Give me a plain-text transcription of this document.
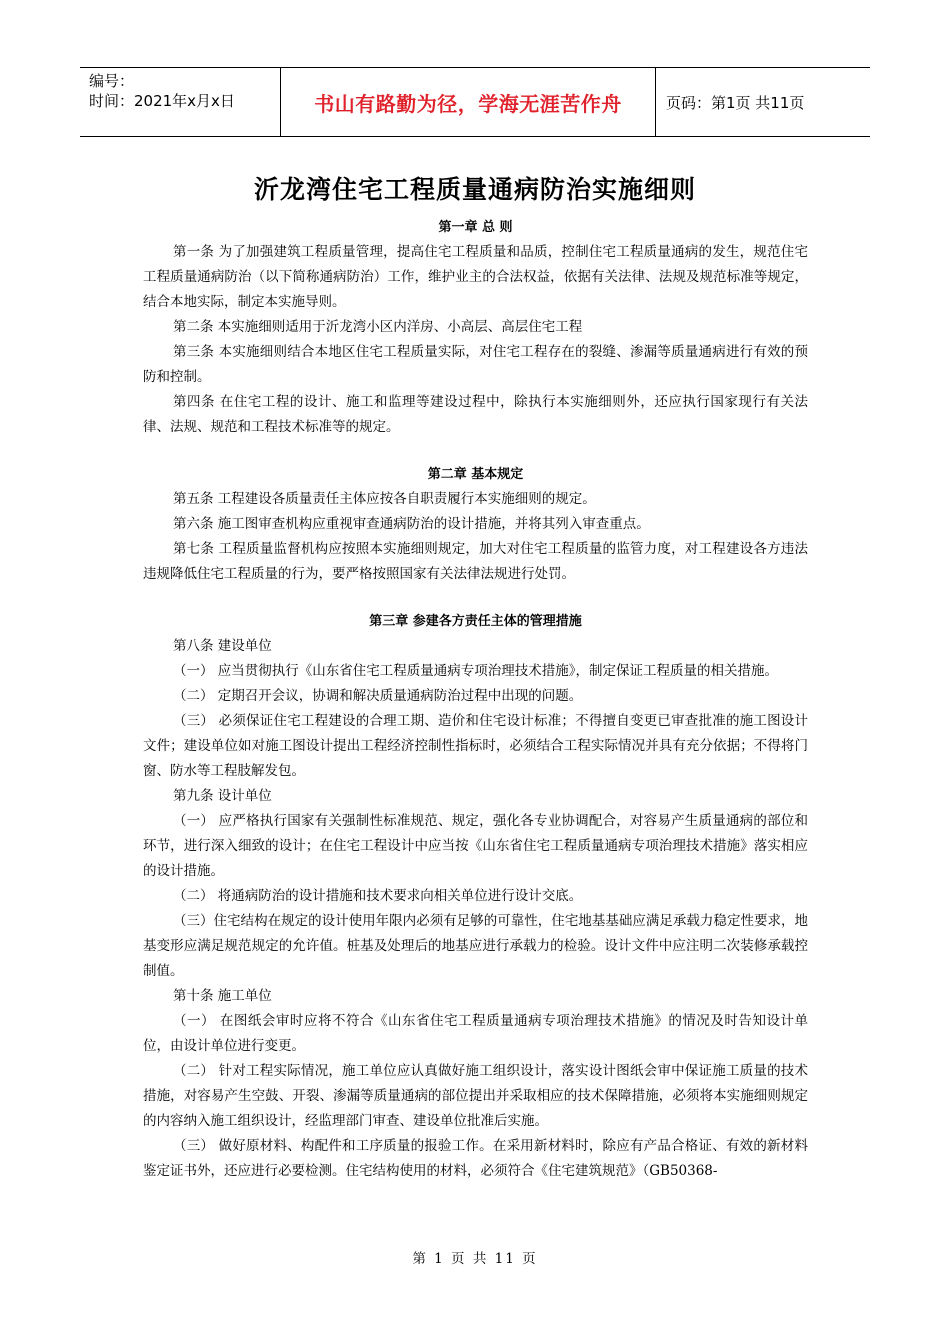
编号：
时间：2021年x月x日	书山有路勤为径，学海无涯苦作舟	页码：第1页 共11页
沂龙湾住宅工程质量通病防治实施细则
第一章 总 则

第一条 为了加强建筑工程质量管理，提高住宅工程质量和品质，控制住宅工程质量通病的发生，规范住宅工程质量通病防治（以下简称通病防治）工作，维护业主的合法权益，依据有关法律、法规及规范标准等规定，结合本地实际，制定本实施导则。

第二条 本实施细则适用于沂龙湾小区内洋房、小高层、高层住宅工程

第三条 本实施细则结合本地区住宅工程质量实际，对住宅工程存在的裂缝、渗漏等质量通病进行有效的预防和控制。

第四条 在住宅工程的设计、施工和监理等建设过程中，除执行本实施细则外，还应执行国家现行有关法律、法规、规范和工程技术标准等的规定。

第二章 基本规定

第五条 工程建设各质量责任主体应按各自职责履行本实施细则的规定。

第六条 施工图审查机构应重视审查通病防治的设计措施，并将其列入审查重点。

第七条 工程质量监督机构应按照本实施细则规定，加大对住宅工程质量的监管力度，对工程建设各方违法违规降低住宅工程质量的行为，要严格按照国家有关法律法规进行处罚。

第三章 参建各方责任主体的管理措施

第八条 建设单位

（一） 应当贯彻执行《山东省住宅工程质量通病专项治理技术措施》，制定保证工程质量的相关措施。

（二） 定期召开会议，协调和解决质量通病防治过程中出现的问题。

（三） 必须保证住宅工程建设的合理工期、造价和住宅设计标准；不得擅自变更已审查批准的施工图设计文件；建设单位如对施工图设计提出工程经济控制性指标时，必须结合工程实际情况并具有充分依据；不得将门窗、防水等工程肢解发包。

第九条 设计单位

（一） 应严格执行国家有关强制性标准规范、规定，强化各专业协调配合，对容易产生质量通病的部位和环节，进行深入细致的设计；在住宅工程设计中应当按《山东省住宅工程质量通病专项治理技术措施》落实相应的设计措施。

（二） 将通病防治的设计措施和技术要求向相关单位进行设计交底。

（三）住宅结构在规定的设计使用年限内必须有足够的可靠性，住宅地基基础应满足承载力稳定性要求，地基变形应满足规范规定的允许值。桩基及处理后的地基应进行承载力的检验。设计文件中应注明二次装修承载控制值。

第十条 施工单位

（一） 在图纸会审时应将不符合《山东省住宅工程质量通病专项治理技术措施》的情况及时告知设计单位，由设计单位进行变更。

（二） 针对工程实际情况，施工单位应认真做好施工组织设计，落实设计图纸会审中保证施工质量的技术措施，对容易产生空鼓、开裂、渗漏等质量通病的部位提出并采取相应的技术保障措施，必须将本实施细则规定的内容纳入施工组织设计，经监理部门审查、建设单位批准后实施。

（三） 做好原材料、构配件和工序质量的报验工作。在采用新材料时，除应有产品合格证、有效的新材料鉴定证书外，还应进行必要检测。住宅结构使用的材料，必须符合《住宅建筑规范》（GB50368-

第 1 页 共 11 页
